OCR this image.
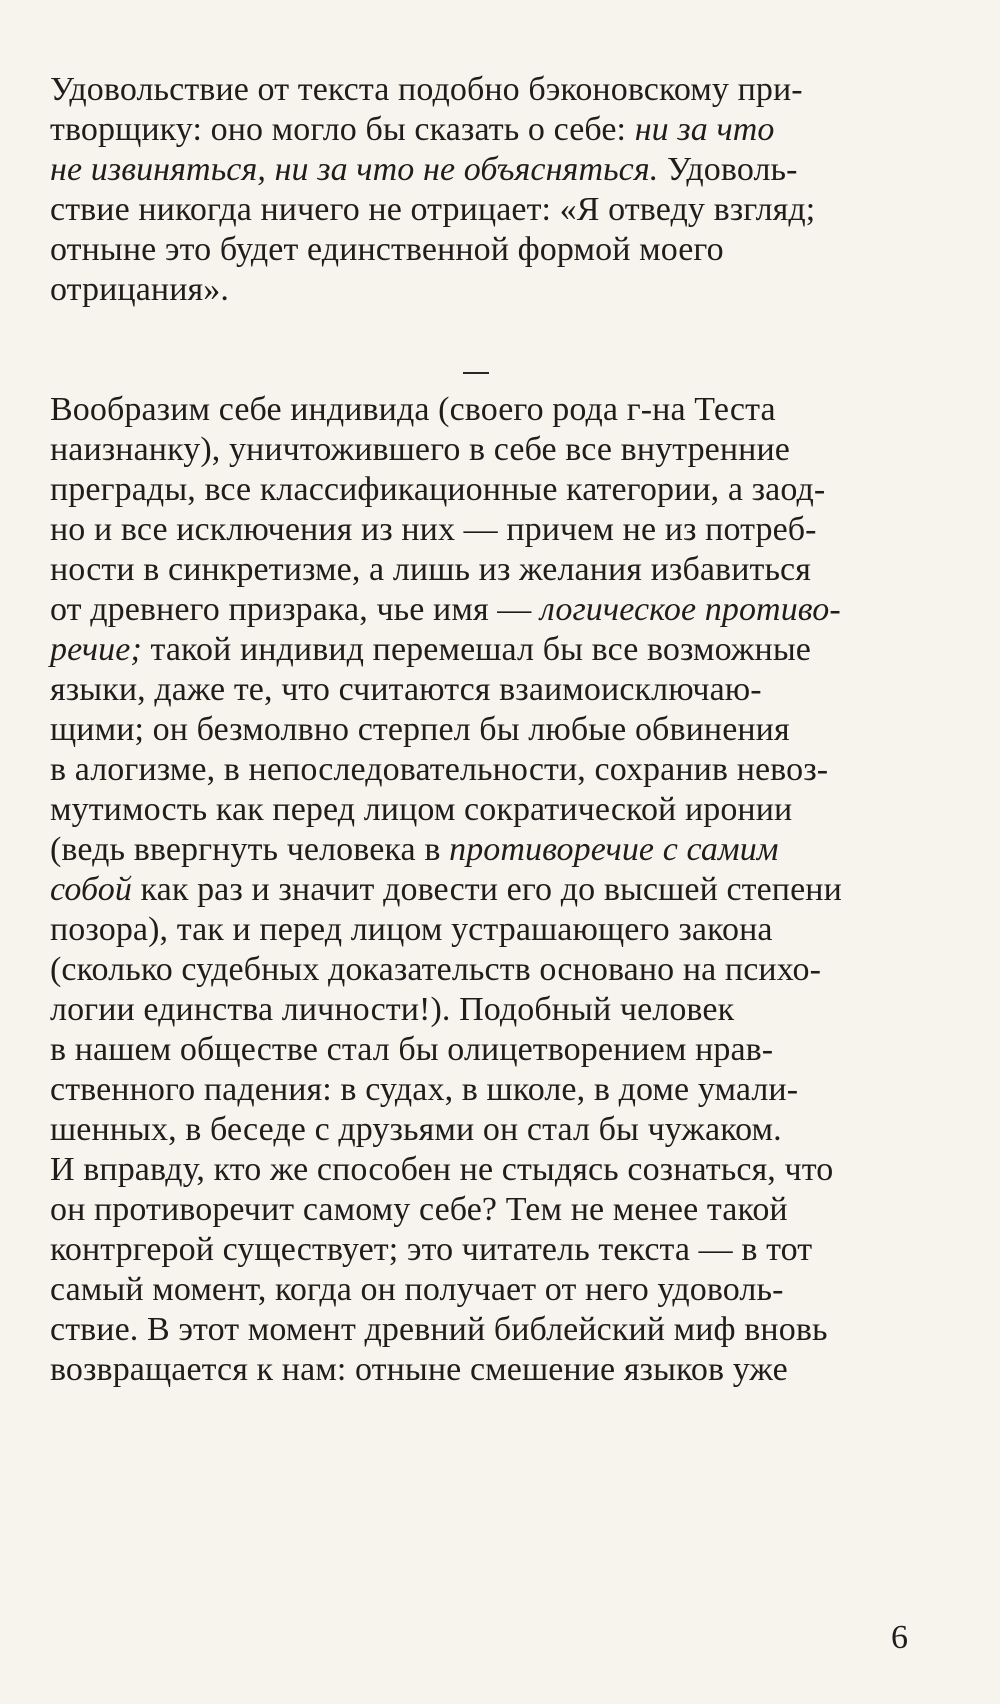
Удовольствие от текста подобно бэконовскому при-
творщику: оно могло бы сказать о себе: ни за что
не извиняться, ни за что не объясняться. Удоволь-
ствие никогда ничего не отрицает: «Я отведу взгляд;
отныне это будет единственной формой моего
отрицания».
Вообразим себе индивида (своего рода г-на Теста
наизнанку), уничтожившего в себе все внутренние
преграды, все классификационные категории, а заод-
но и все исключения из них — причем не из потреб-
ности в синкретизме, а лишь из желания избавиться
от древнего призрака, чье имя — логическое противо-
речие; такой индивид перемешал бы все возможные
языки, даже те, что считаются взаимоисключаю-
щими; он безмолвно стерпел бы любые обвинения
в алогизме, в непоследовательности, сохранив невоз-
мутимость как перед лицом сократической иронии
(ведь ввергнуть человека в противоречие с самим
собой как раз и значит довести его до высшей степени
позора), так и перед лицом устрашающего закона
(сколько судебных доказательств основано на психо-
логии единства личности!). Подобный человек
в нашем обществе стал бы олицетворением нрав-
ственного падения: в судах, в школе, в доме умали-
шенных, в беседе с друзьями он стал бы чужаком.
И вправду, кто же способен не стыдясь сознаться, что
он противоречит самому себе? Тем не менее такой
контргерой существует; это читатель текста — в тот
самый момент, когда он получает от него удоволь-
ствие. В этот момент древний библейский миф вновь
возвращается к нам: отныне смешение языков уже
6
